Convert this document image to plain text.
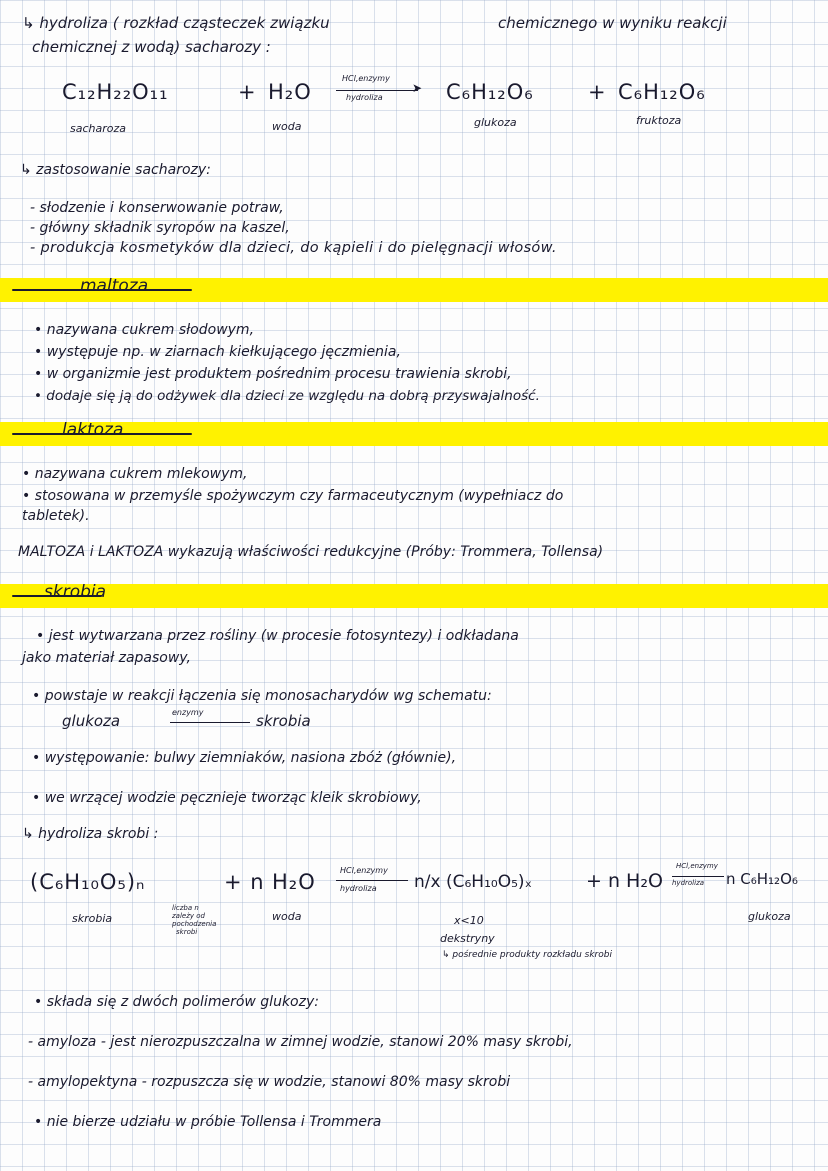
↳ hydroliza ( rozkład cząsteczek związku	chemicznego w wyniku reakcji
chemicznej z wodą) sacharozy :
C₁₂H₂₂O₁₁	+ H₂O
HCl,enzymy
➤
hydroliza	C₆H₁₂O₆	+ C₆H₁₂O₆
sacharoza	woda	glukoza	fruktoza
↳ zastosowanie sacharozy:
- słodzenie i konserwowanie potraw,
- główny składnik syropów na kaszel,
- produkcja kosmetyków dla dzieci, do kąpieli i do pielęgnacji włosów.
maltoza
• nazywana cukrem słodowym,
• występuje np. w ziarnach kiełkującego jęczmienia,
• w organizmie jest produktem pośrednim procesu trawienia skrobi,
• dodaje się ją do odżywek dla dzieci ze względu na dobrą przyswajalność.
laktoza
• nazywana cukrem mlekowym,
• stosowana w przemyśle spożywczym czy farmaceutycznym (wypełniacz do
tabletek).
MALTOZA i LAKTOZA wykazują właściwości redukcyjne (Próby: Trommera, Tollensa)
skrobia
• jest wytwarzana przez rośliny (w procesie fotosyntezy) i odkładana
jako materiał zapasowy,
• powstaje w reakcji łączenia się monosacharydów wg schematu:
glukoza	enzymy	skrobia
• występowanie: bulwy ziemniaków, nasiona zbóż (głównie),
• we wrzącej wodzie pęcznieje tworząc kleik skrobiowy,
↳ hydroliza skrobi :
(C₆H₁₀O₅)ₙ	+ n H₂O	HCl,enzymy
hydroliza n/x (C₆H₁₀O₅)ₓ	+ n H₂O
HCl,enzymy
hydroliza n C₆H₁₂O₆
skrobia
liczba n
zależy od
pochodzenia
skrobi
woda	x<10
dekstryny
↳ pośrednie produkty rozkładu skrobi
glukoza
• składa się z dwóch polimerów glukozy:
- amyloza - jest nierozpuszczalna w zimnej wodzie, stanowi 20% masy skrobi,
- amylopektyna - rozpuszcza się w wodzie, stanowi 80% masy skrobi
• nie bierze udziału w próbie Tollensa i Trommera
